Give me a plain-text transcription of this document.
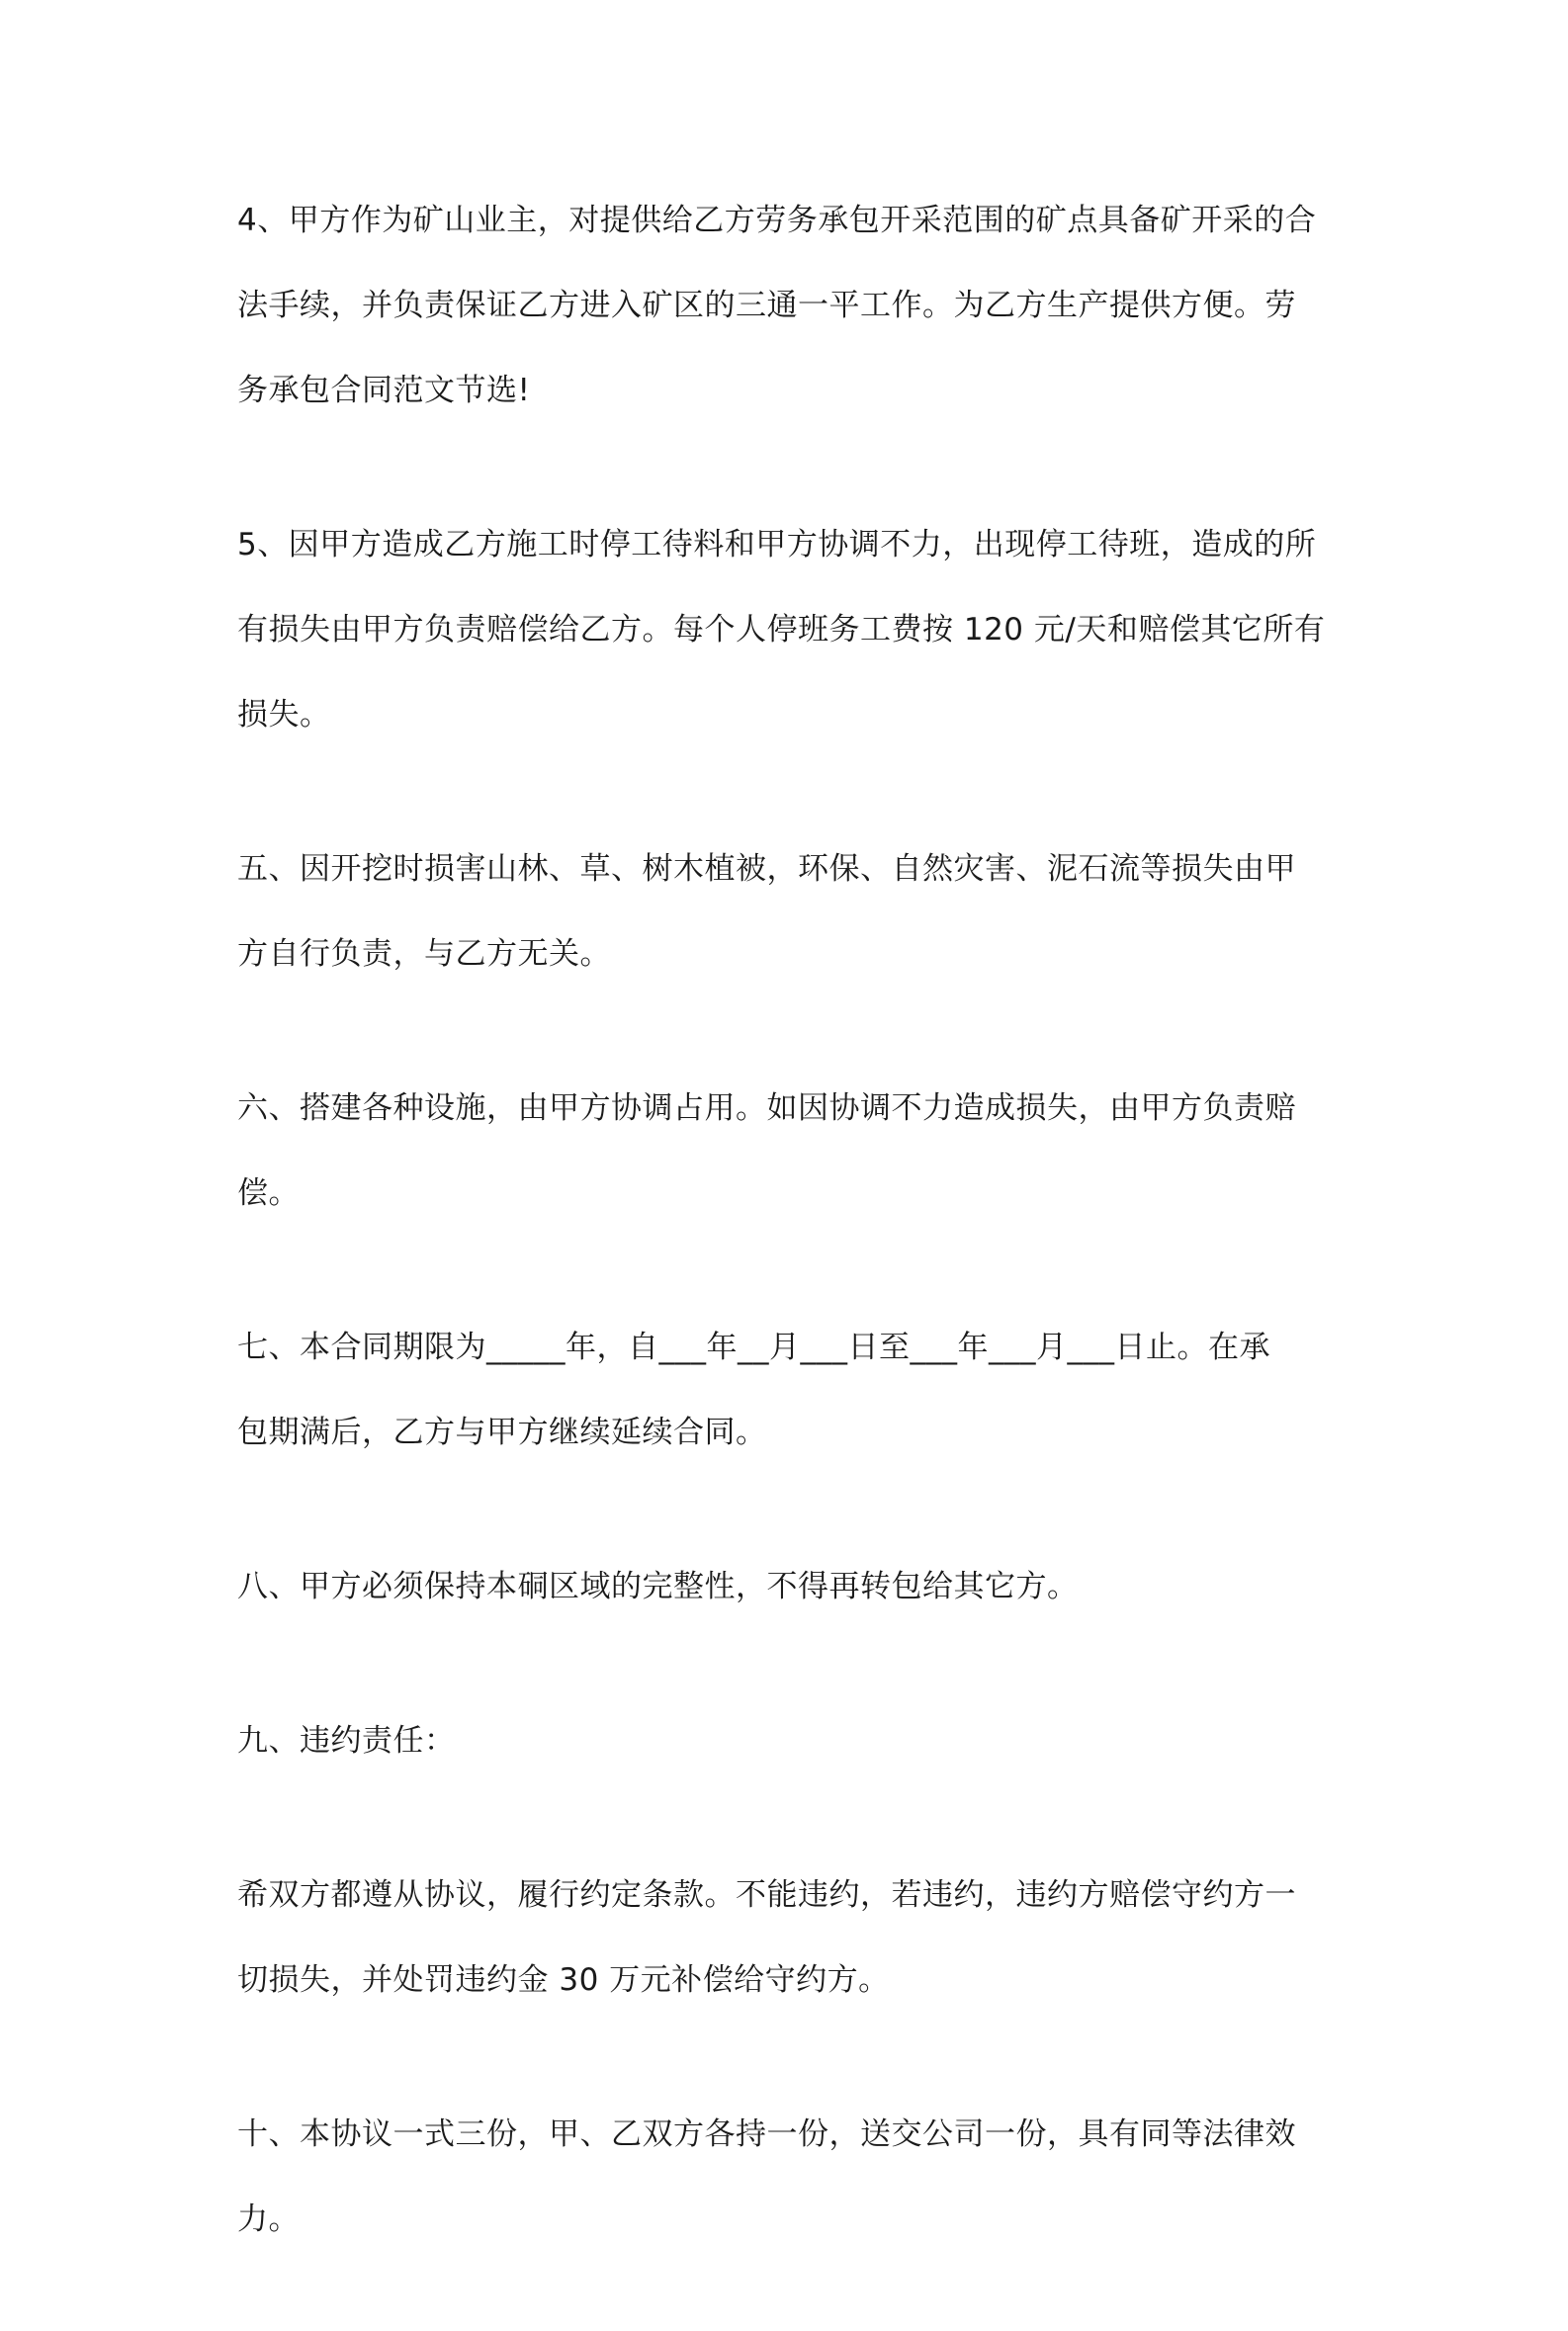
4、甲方作为矿山业主，对提供给乙方劳务承包开采范围的矿点具备矿开采的合
法手续，并负责保证乙方进入矿区的三通一平工作。为乙方生产提供方便。劳
务承包合同范文节选!

5、因甲方造成乙方施工时停工待料和甲方协调不力，出现停工待班，造成的所
有损失由甲方负责赔偿给乙方。每个人停班务工费按 120 元/天和赔偿其它所有
损失。

五、因开挖时损害山林、草、树木植被，环保、自然灾害、泥石流等损失由甲
方自行负责，与乙方无关。

六、搭建各种设施，由甲方协调占用。如因协调不力造成损失，由甲方负责赔
偿。

七、本合同期限为_____年，自___年__月___日至___年___月___日止。在承
包期满后，乙方与甲方继续延续合同。

八、甲方必须保持本硐区域的完整性，不得再转包给其它方。

九、违约责任：

希双方都遵从协议，履行约定条款。不能违约，若违约，违约方赔偿守约方一
切损失，并处罚违约金 30 万元补偿给守约方。

十、本协议一式三份，甲、乙双方各持一份，送交公司一份，具有同等法律效
力。
